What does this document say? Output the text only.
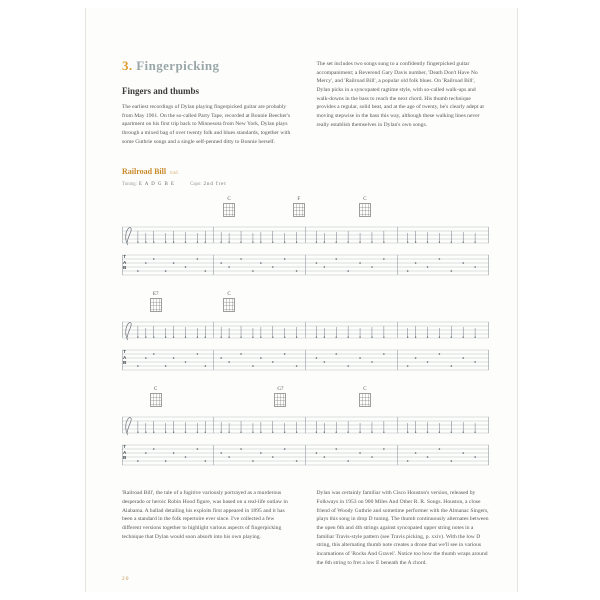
3. Fingerpicking
Fingers and thumbs

The earliest recordings of Dylan playing fingerpicked guitar are probably from May 1961. On the so-called Party Tape, recorded at Bonnie Beecher's apartment on his first trip back to Minnesota from New York, Dylan plays through a mixed bag of over twenty folk and blues standards, together with some Guthrie songs and a single self-penned ditty to Bonnie herself.

The set includes two songs sung to a confidently fingerpicked guitar accompaniment; a Reverend Gary Davis number, 'Death Don't Have No Mercy', and 'Railroad Bill', a popular old folk blues. On 'Railroad Bill', Dylan picks in a syncopated ragtime style, with so-called walk-ups and walk-downs in the bass to reach the next chord. His thumb technique provides a regular, solid beat, and at the age of twenty, he's clearly adept at moving stepwise in the bass this way, although these walking lines never really establish themselves in Dylan's own songs.

Railroad Bill trad.
Tuning: E A D G B E	Capo: 2nd fret
C	F	C
T
A
B
E7	C
T
A
B
C	G7	C
T
A
B

'Railroad Bill', the tale of a fugitive variously portrayed as a murderous desperado or heroic Robin Hood figure, was based on a real-life outlaw in Alabama. A ballad detailing his exploits first appeared in 1895 and it has been a standard in the folk repertoire ever since. I've collected a few different versions together to highlight various aspects of fingerpicking technique that Dylan would soon absorb into his own playing.

Dylan was certainly familiar with Cisco Houston's version, released by Folkways in 1953 on 900 Miles And Other R. R. Songs. Houston, a close friend of Woody Guthrie and sometime performer with the Almanac Singers, plays this song in drop D tuning. The thumb continuously alternates between the open 6th and 4th strings against syncopated upper string notes in a familiar Travis-style pattern (see Travis picking, p. xxiv). With the low D string, this alternating thumb note creates a drone that we'll see in various incarnations of 'Rocks And Gravel'. Notice too how the thumb wraps around the 6th string to fret a low E beneath the A chord.

20
